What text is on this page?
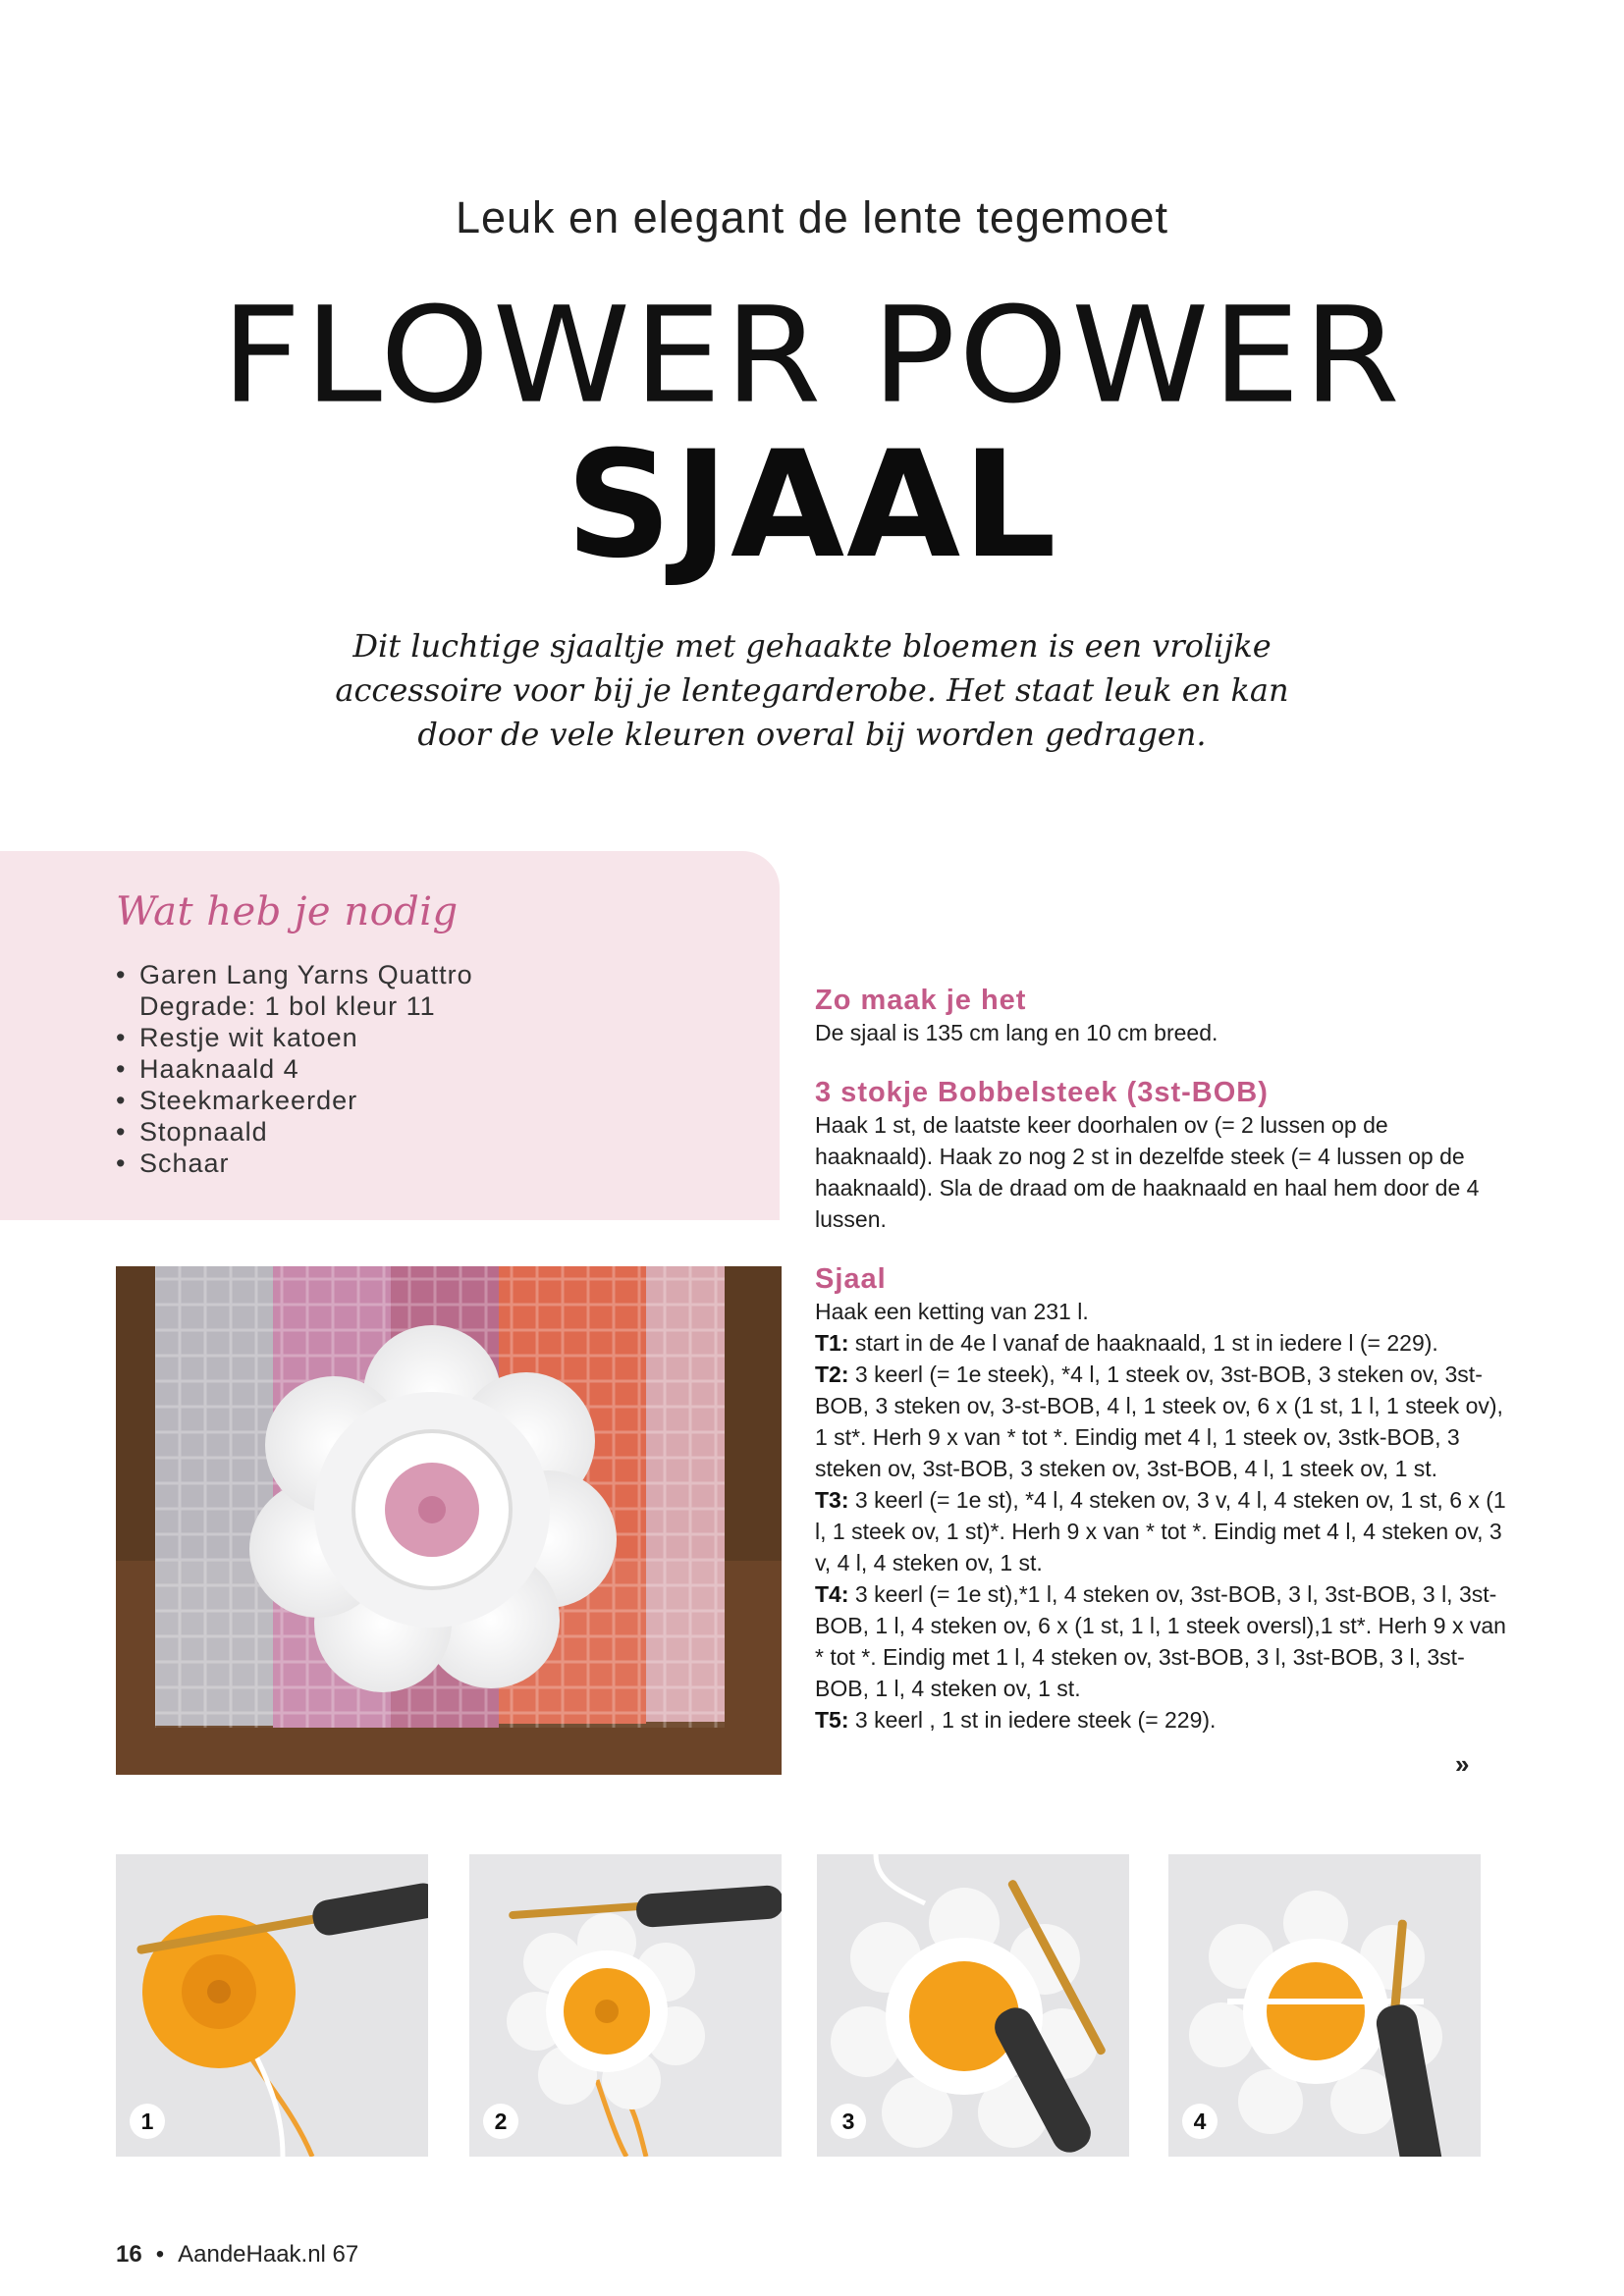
Leuk en elegant de lente tegemoet
FLOWER POWER
SJAAL
Dit luchtige sjaaltje met gehaakte bloemen is een vrolijke accessoire voor bij je lentegarderobe. Het staat leuk en kan door de vele kleuren overal bij worden gedragen.
Wat heb je nodig
• Garen Lang Yarns Quattro Degrade: 1 bol kleur 11
• Restje wit katoen
• Haaknaald 4
• Steekmarkeerder
• Stopnaald
• Schaar
Zo maak je het

De sjaal is 135 cm lang en 10 cm breed.

3 stokje Bobbelsteek (3st-BOB)

Haak 1 st, de laatste keer doorhalen ov (= 2 lussen op de haaknaald). Haak zo nog 2 st in dezelfde steek (= 4 lussen op de haaknaald). Sla de draad om de haaknaald en haal hem door de 4 lussen.

Sjaal

Haak een ketting van 231 l.

T1: start in de 4e l vanaf de haaknaald, 1 st in iedere l (= 229).

T2: 3 keerl (= 1e steek), *4 l, 1 steek ov, 3st-BOB, 3 steken ov, 3st-BOB, 3 steken ov, 3-st-BOB, 4 l, 1 steek ov, 6 x (1 st, 1 l, 1 steek ov), 1 st*. Herh 9 x van * tot *. Eindig met 4 l, 1 steek ov, 3stk-BOB, 3 steken ov, 3st-BOB, 3 steken ov, 3st-BOB, 4 l, 1 steek ov, 1 st.

T3: 3 keerl (= 1e st), *4 l, 4 steken ov, 3 v, 4 l, 4 steken ov, 1 st, 6 x (1 l, 1 steek ov, 1 st)*. Herh 9 x van * tot *. Eindig met 4 l, 4 steken ov, 3 v, 4 l, 4 steken ov, 1 st.

T4: 3 keerl (= 1e st),*1 l, 4 steken ov, 3st-BOB, 3 l, 3st-BOB, 3 l, 3st-BOB, 1 l, 4 steken ov, 6 x (1 st, 1 l, 1 steek oversl),1 st*. Herh 9 x van * tot *. Eindig met 1 l, 4 steken ov, 3st-BOB, 3 l, 3st-BOB, 3 l, 3st-BOB, 1 l, 4 steken ov, 1 st.

T5: 3 keerl , 1 st in iedere steek (= 229).

»
1	2	3	4
16 • AandeHaak.nl 67
